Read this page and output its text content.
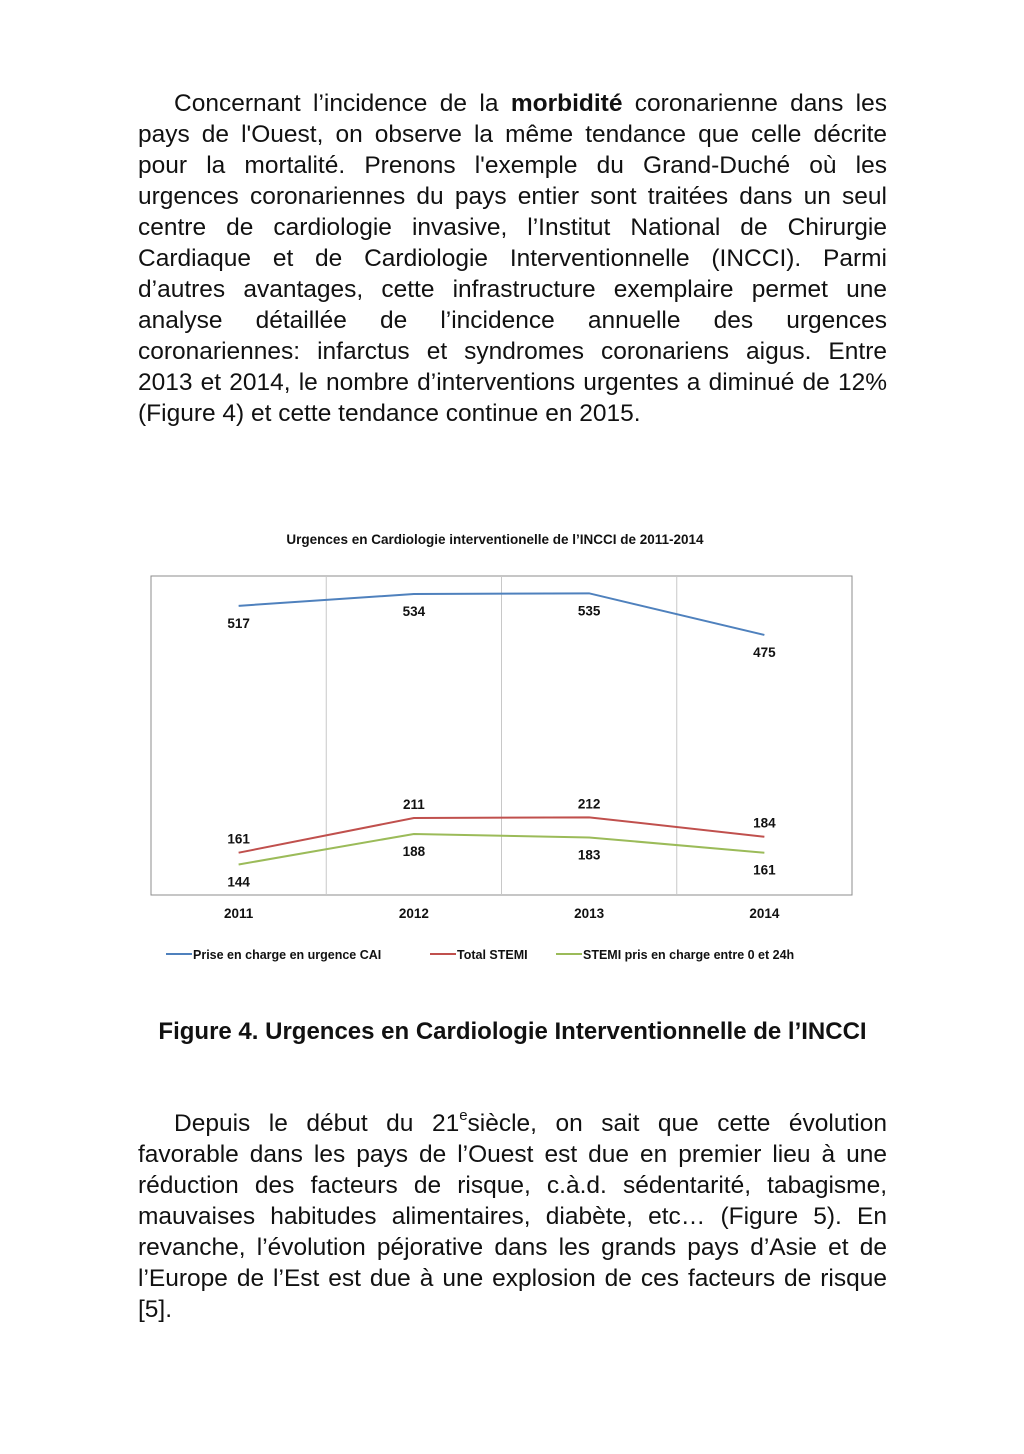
Concernant l’incidence de la morbidité coronarienne dans les pays de l'Ouest, on observe la même tendance que celle décrite pour la mortalité. Prenons l'exemple du Grand-Duché où les urgences coronariennes du pays entier sont traitées dans un seul centre de cardiologie invasive, l’Institut National de Chirurgie Cardiaque et de Cardiologie Interventionnelle (INCCI). Parmi d’autres avantages, cette infrastructure exemplaire permet une analyse détaillée de l’incidence annuelle des urgences coronariennes: infarctus et syndromes coronariens aigus. Entre 2013 et 2014, le nombre d’interventions urgentes a diminué de 12% (Figure 4) et cette tendance continue en 2015.

Urgences en Cardiologie interventionelle de l’INCCI de 2011-2014
2011	2012	2013	2014
517
534	535
475
161
211	212
184
144
188	183
161
Prise en charge en urgence CAI	Total STEMI	STEMI pris en charge entre 0 et 24h

Figure 4. Urgences en Cardiologie Interventionnelle de l’INCCI

Depuis le début du 21esiècle, on sait que cette évolution favorable dans les pays de l’Ouest est due en premier lieu à une réduction des facteurs de risque, c.à.d. sédentarité, tabagisme, mauvaises habitudes alimentaires, diabète, etc… (Figure 5). En revanche, l’évolution péjorative dans les grands pays d’Asie et de l’Europe de l’Est est due à une explosion de ces facteurs de risque [5].
